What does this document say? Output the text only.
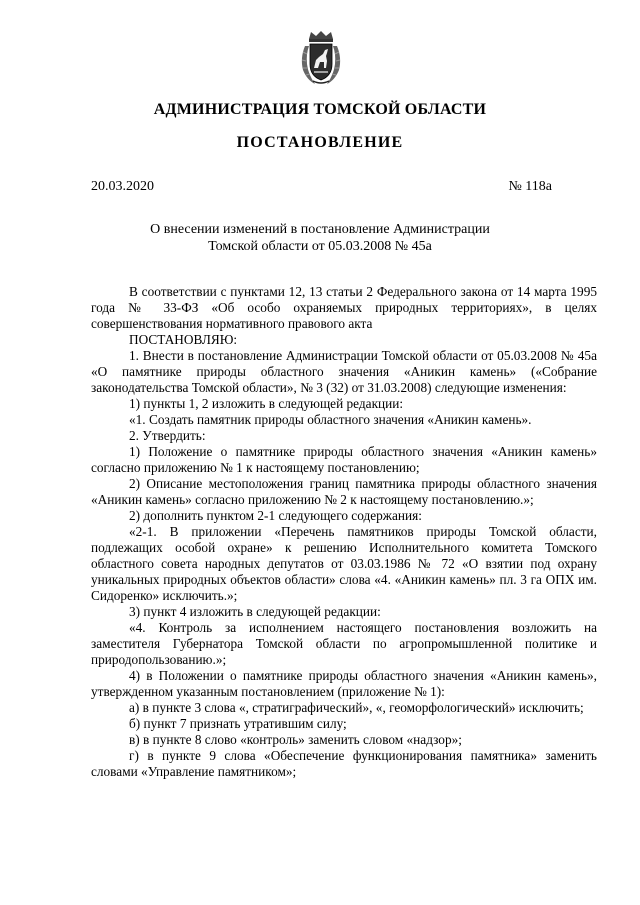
АДМИНИСТРАЦИЯ ТОМСКОЙ ОБЛАСТИ
ПОСТАНОВЛЕНИЕ
20.03.2020	№ 118а
О внесении изменений в постановление Администрации
Томской области от 05.03.2008 № 45а

В соответствии с пунктами 12, 13 статьи 2 Федерального закона от 14 марта 1995 года № 33-ФЗ «Об особо охраняемых природных территориях», в целях совершенствования нормативного правового акта

ПОСТАНОВЛЯЮ:

1. Внести в постановление Администрации Томской области от 05.03.2008 № 45а «О памятнике природы областного значения «Аникин камень» («Собрание законодательства Томской области», № 3 (32) от 31.03.2008) следующие изменения:

1) пункты 1, 2 изложить в следующей редакции:

«1. Создать памятник природы областного значения «Аникин камень».

2. Утвердить:

1) Положение о памятнике природы областного значения «Аникин камень» согласно приложению № 1 к настоящему постановлению;

2) Описание местоположения границ памятника природы областного значения «Аникин камень» согласно приложению № 2 к настоящему постановлению.»;

2) дополнить пунктом 2-1 следующего содержания:

«2-1. В приложении «Перечень памятников природы Томской области, подлежащих особой охране» к решению Исполнительного комитета Томского областного совета народных депутатов от 03.03.1986 № 72 «О взятии под охрану уникальных природных объектов области» слова «4. «Аникин камень» пл. 3 га ОПХ им. Сидоренко» исключить.»;

3) пункт 4 изложить в следующей редакции:

«4. Контроль за исполнением настоящего постановления возложить на заместителя Губернатора Томской области по агропромышленной политике и природопользованию.»;

4) в Положении о памятнике природы областного значения «Аникин камень», утвержденном указанным постановлением (приложение № 1):

а) в пункте 3 слова «, стратиграфический», «, геоморфологический» исключить;

б) пункт 7 признать утратившим силу;

в) в пункте 8 слово «контроль» заменить словом «надзор»;

г) в пункте 9 слова «Обеспечение функционирования памятника» заменить словами «Управление памятником»;
